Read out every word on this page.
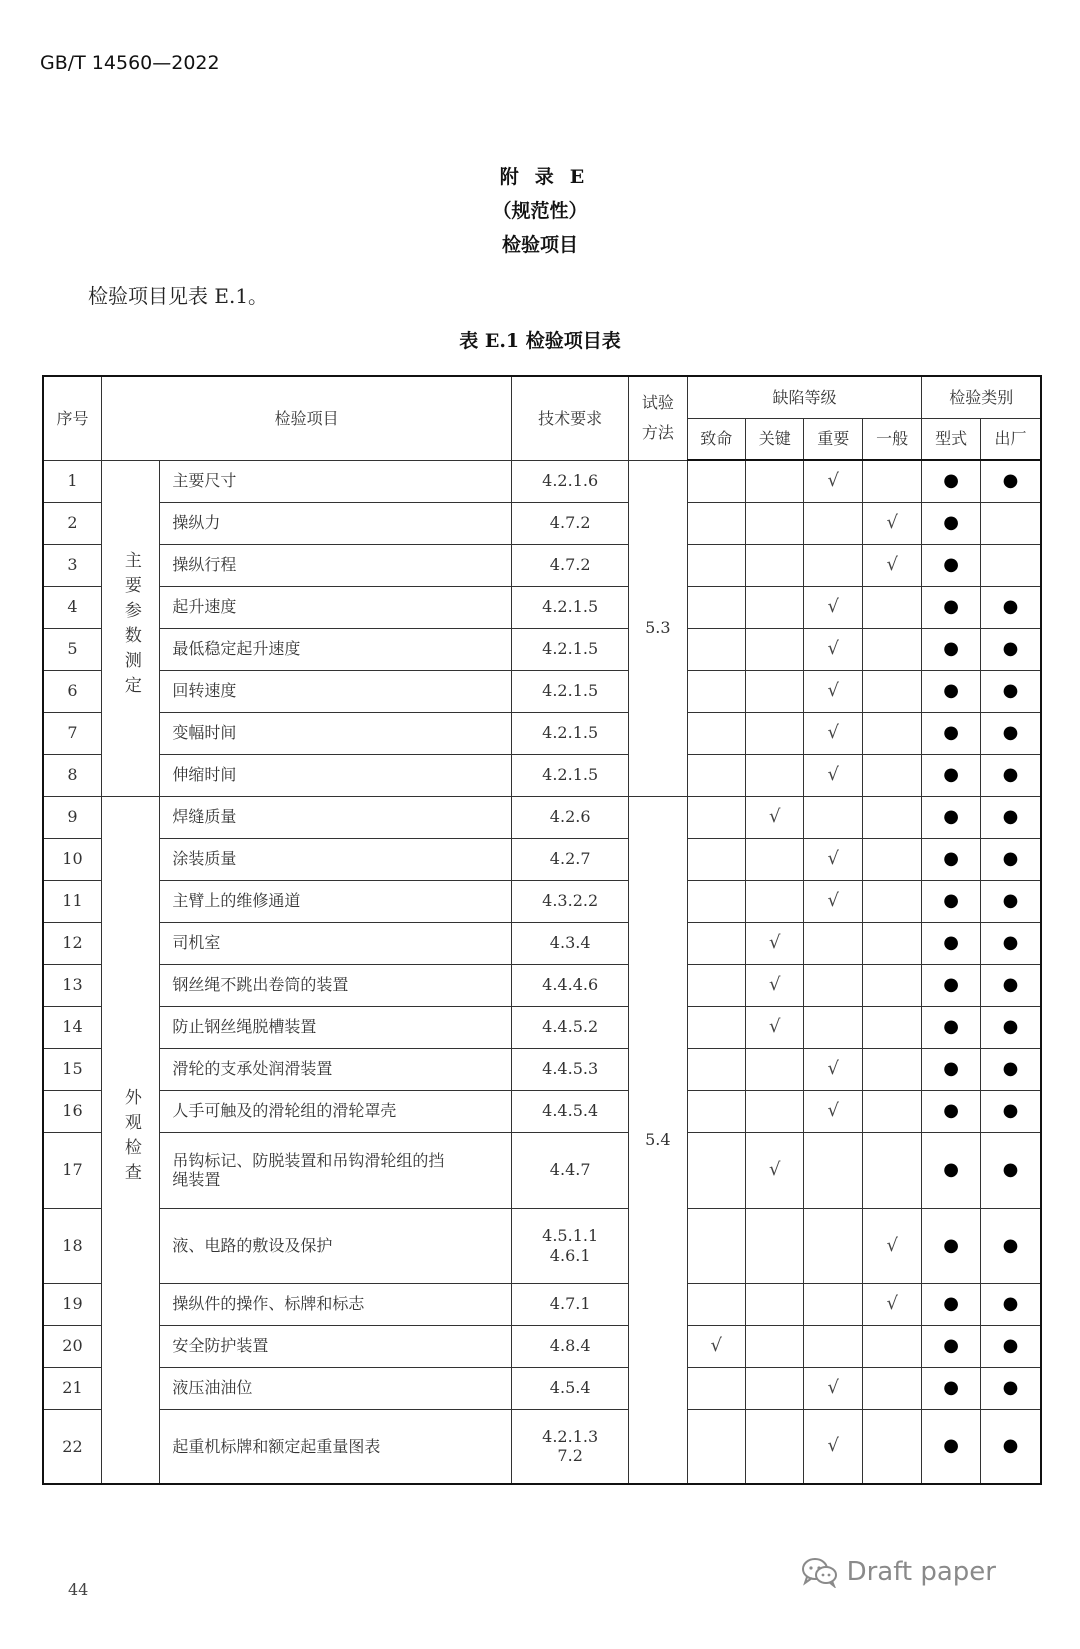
GB/T 14560—2022
附录E
（规范性）
检验项目
检验项目见表 E.1。
表 E.1 检验项目表
序号	检验项目		技术要求	试验
方法	缺陷等级				检验类别	
					致命	关键	重要	一般	型式	出厂
1	主要参数测定	主要尺寸	4.2.1.6	5.3			√		●	●
2		操纵力	4.7.2					√	●	
3		操纵行程	4.7.2					√	●	
4		起升速度	4.2.1.5				√		●	●
5		最低稳定起升速度	4.2.1.5				√		●	●
6		回转速度	4.2.1.5				√		●	●
7		变幅时间	4.2.1.5				√		●	●
8		伸缩时间	4.2.1.5				√		●	●
9	外观检查	焊缝质量	4.2.6	5.4		√			●	●
10		涂装质量	4.2.7				√		●	●
11		主臂上的维修通道	4.3.2.2				√		●	●
12		司机室	4.3.4			√			●	●
13		钢丝绳不跳出卷筒的装置	4.4.4.6			√			●	●
14		防止钢丝绳脱槽装置	4.4.5.2			√			●	●
15		滑轮的支承处润滑装置	4.4.5.3				√		●	●
16		人手可触及的滑轮组的滑轮罩壳	4.4.5.4				√		●	●
17		吊钩标记、防脱装置和吊钩滑轮组的挡
绳装置	4.4.7			√			●	●
18		液、电路的敷设及保护	4.5.1.1
4.6.1					√	●	●
19		操纵件的操作、标牌和标志	4.7.1					√	●	●
20		安全防护装置	4.8.4		√				●	●
21		液压油油位	4.5.4				√		●	●
22		起重机标牌和额定起重量图表	4.2.1.3
7.2				√		●	●
44
Draft paper
